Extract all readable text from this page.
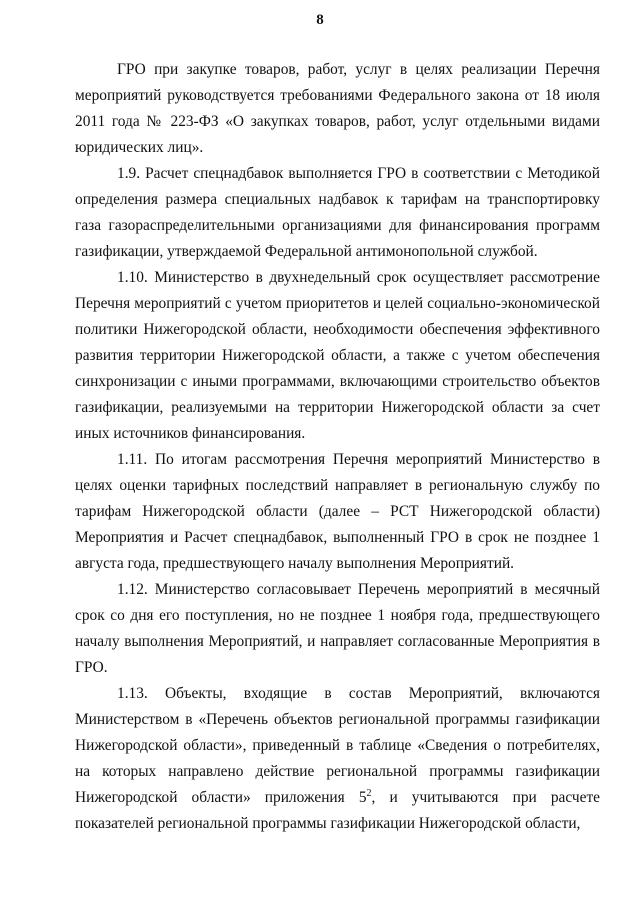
8

ГРО при закупке товаров, работ, услуг в целях реализации Перечня мероприятий руководствуется требованиями Федерального закона от 18 июля 2011 года № 223-ФЗ «О закупках товаров, работ, услуг отдельными видами юридических лиц».

1.9. Расчет спецнадбавок выполняется ГРО в соответствии с Методикой определения размера специальных надбавок к тарифам на транспортировку газа газораспределительными организациями для финансирования программ газификации, утверждаемой Федеральной антимонопольной службой.

1.10. Министерство в двухнедельный срок осуществляет рассмотрение Перечня мероприятий с учетом приоритетов и целей социально-экономической политики Нижегородской области, необходимости обеспечения эффективного развития территории Нижегородской области, а также с учетом обеспечения синхронизации с иными программами, включающими строительство объектов газификации, реализуемыми на территории Нижегородской области за счет иных источников финансирования.

1.11. По итогам рассмотрения Перечня мероприятий Министерство в целях оценки тарифных последствий направляет в региональную службу по тарифам Нижегородской области (далее – РСТ Нижегородской области) Мероприятия и Расчет спецнадбавок, выполненный ГРО в срок не позднее 1 августа года, предшествующего началу выполнения Мероприятий.

1.12. Министерство согласовывает Перечень мероприятий в месячный срок со дня его поступления, но не позднее 1 ноября года, предшествующего началу выполнения Мероприятий, и направляет согласованные Мероприятия в ГРО.

1.13. Объекты, входящие в состав Мероприятий, включаются Министерством в «Перечень объектов региональной программы газификации Нижегородской области», приведенный в таблице «Сведения о потребителях, на которых направлено действие региональной программы газификации Нижегородской области» приложения $5^2$, и учитываются при расчете показателей региональной программы газификации Нижегородской области,
